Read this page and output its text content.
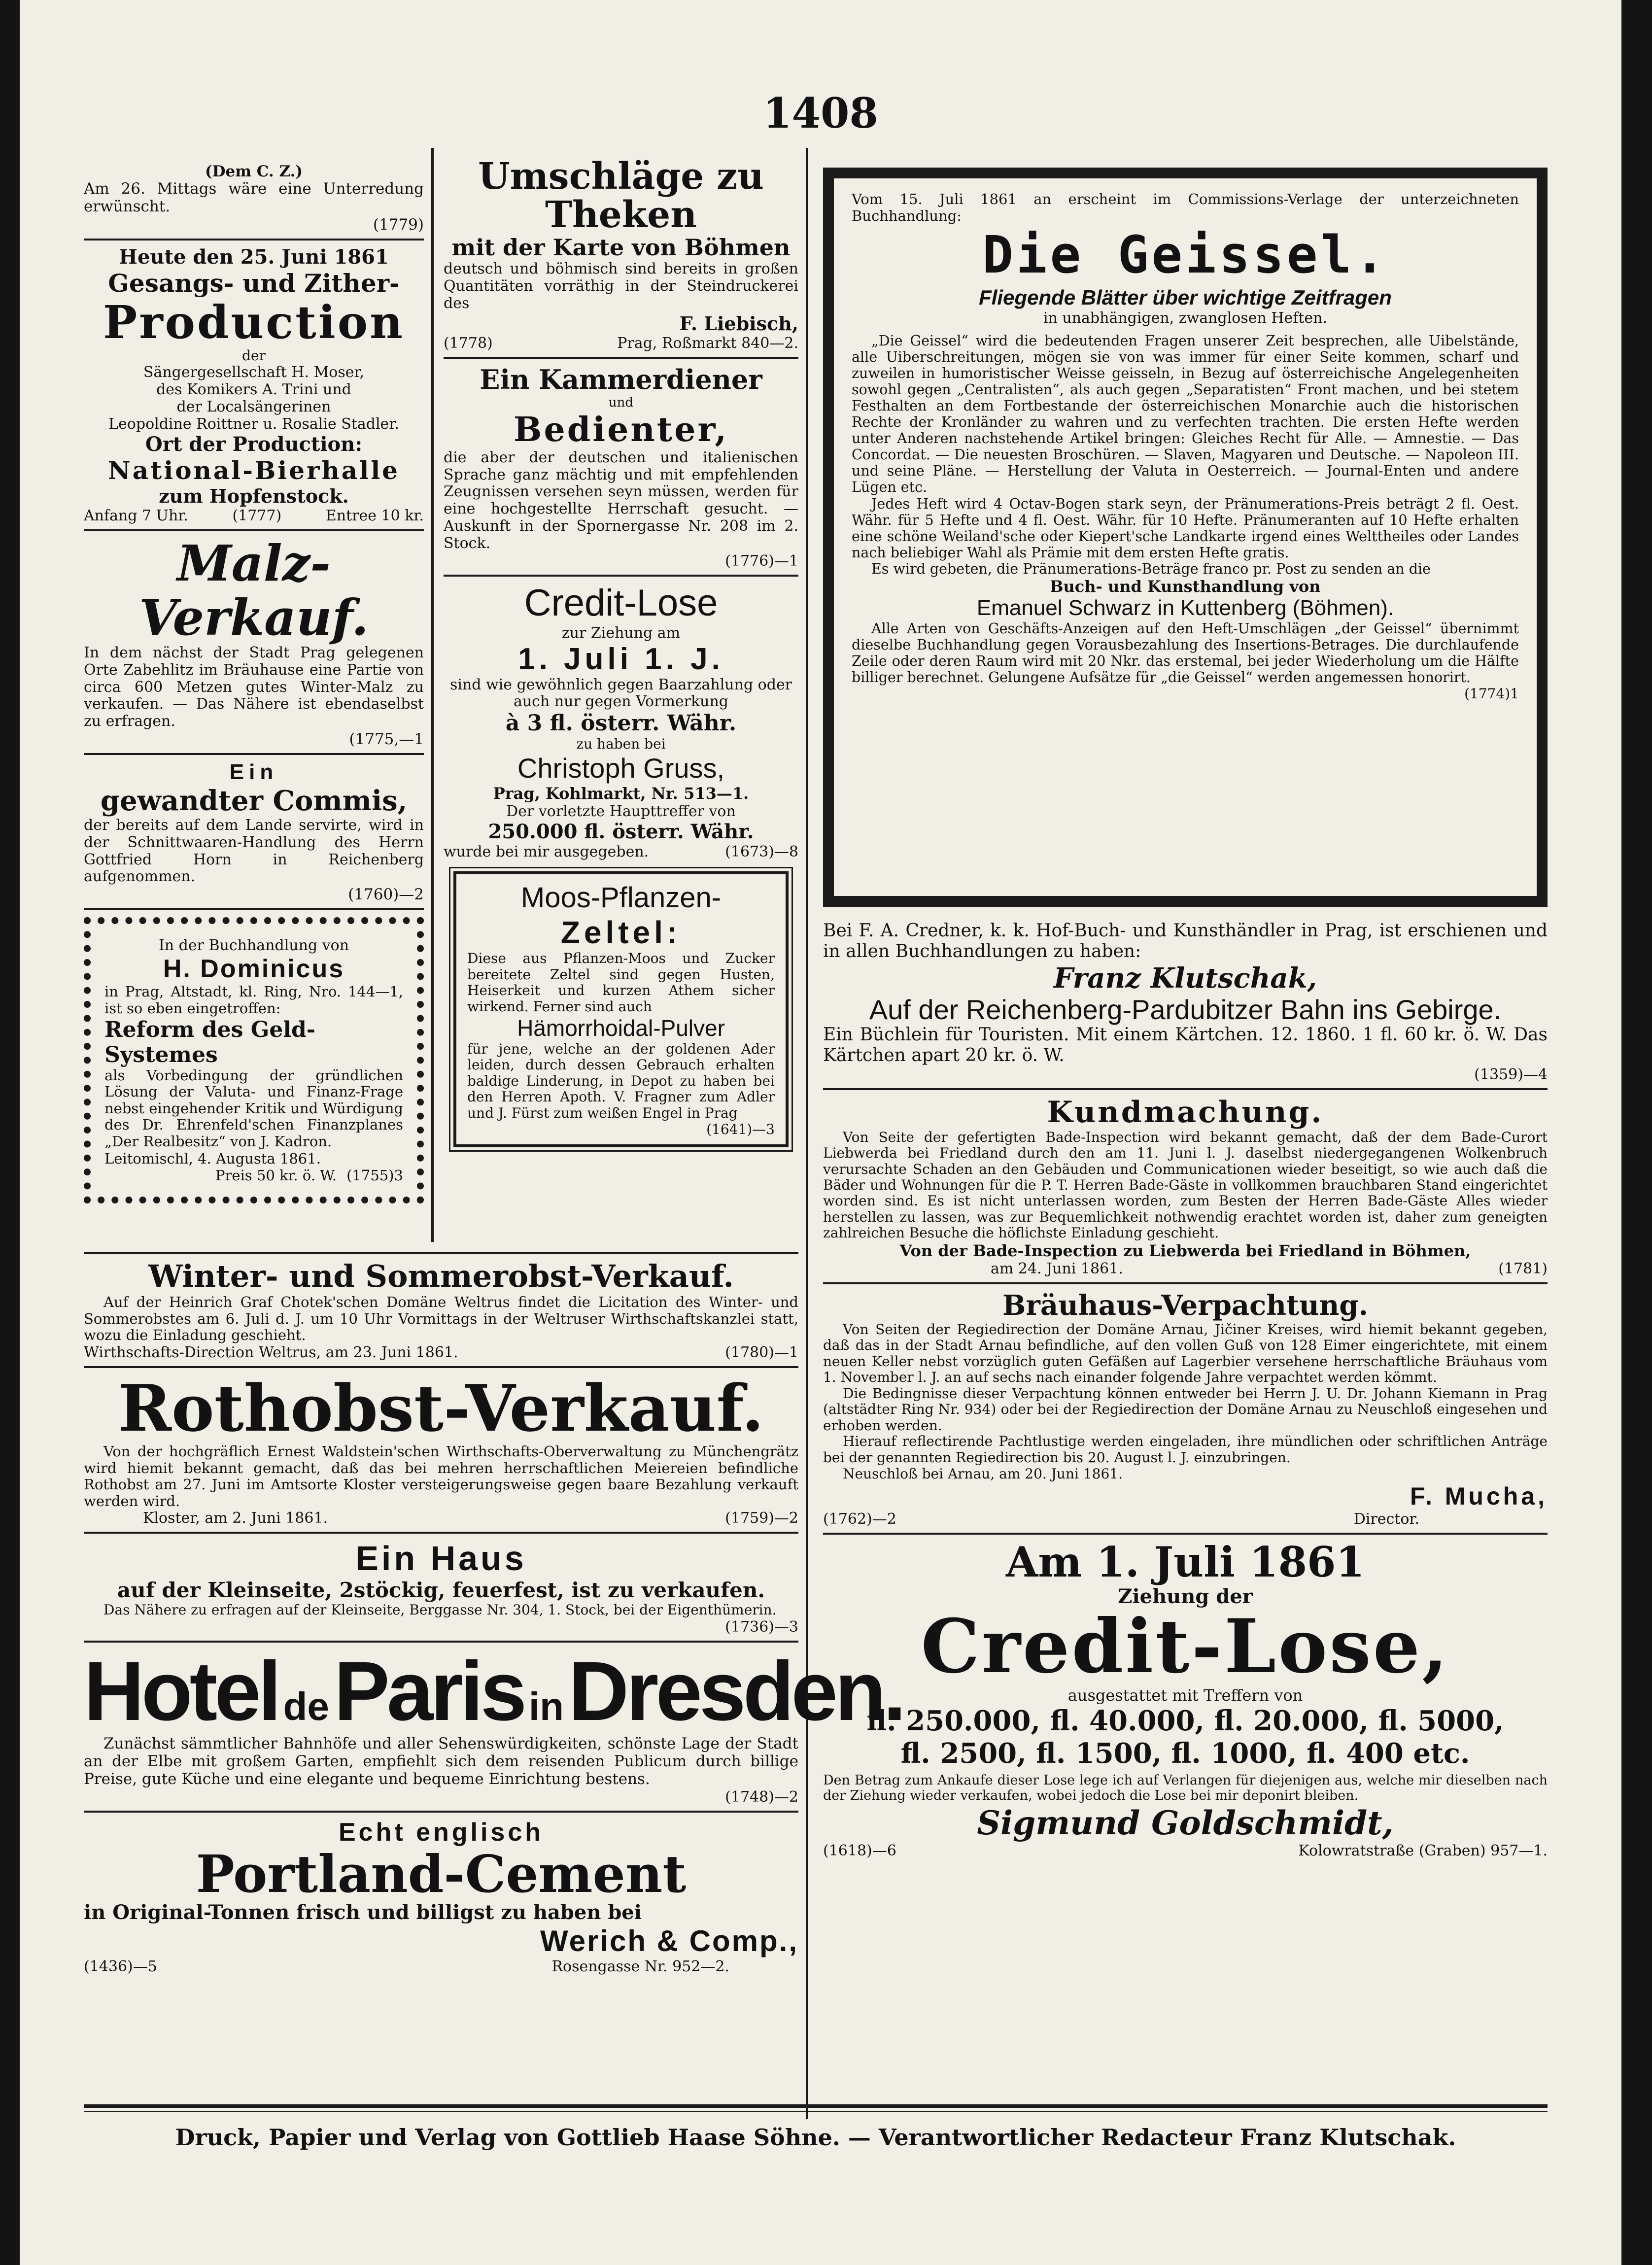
1408
(Dem C. Z.)

Am 26. Mittags wäre eine Unterredung erwünscht.

(1779)
Heute den 25. Juni 1861
Gesangs- und Zither-
Production
der
Sängergesellschaft H. Moser,
des Komikers A. Trini und
der Localsängerinen
Leopoldine Roittner u. Rosalie Stadler.
Ort der Production:
National-Bierhalle
zum Hopfenstock.
Anfang 7 Uhr.	(1777)	Entree 10 kr.
Malz-Verkauf.

In dem nächst der Stadt Prag gelegenen Orte Zabehlitz im Bräuhause eine Partie von circa 600 Metzen gutes Winter-Malz zu verkaufen. — Das Nähere ist ebendaselbst zu erfragen.

(1775,—1
Ein
gewandter Commis,

der bereits auf dem Lande servirte, wird in der Schnittwaaren-Handlung des Herrn Gottfried Horn in Reichenberg aufgenommen.

(1760)—2
In der Buchhandlung von
H. Dominicus

in Prag, Altstadt, kl. Ring, Nro. 144—1, ist so eben eingetroffen:

Reform des Geld-Systemes

als Vorbedingung der gründlichen Lösung der Valuta- und Finanz-Frage nebst eingehender Kritik und Würdigung des Dr. Ehrenfeld'schen Finanzplanes „Der Realbesitz“ von J. Kadron.

Leitomischl, 4. Augusta 1861.
Preis 50 kr. ö. W. (1755)3
Umschläge zu Theken
mit der Karte von Böhmen

deutsch und böhmisch sind bereits in großen Quantitäten vorräthig in der Steindruckerei des

F. Liebisch,
(1778)	Prag, Roßmarkt 840—2.
Ein Kammerdiener
und
Bedienter,

die aber der deutschen und italienischen Sprache ganz mächtig und mit empfehlenden Zeugnissen versehen seyn müssen, werden für eine hochgestellte Herrschaft gesucht. — Auskunft in der Spornergasse Nr. 208 im 2. Stock.

(1776)—1
Credit-Lose
zur Ziehung am
1. Juli 1. J.

sind wie gewöhnlich gegen Baarzahlung oder auch nur gegen Vormerkung

à 3 fl. österr. Währ.
zu haben bei
Christoph Gruss,
Prag, Kohlmarkt, Nr. 513—1.
Der vorletzte Haupttreffer von
250.000 fl. österr. Währ.
wurde bei mir ausgegeben.	(1673)—8
Moos-Pflanzen-
Zeltel:

Diese aus Pflanzen-Moos und Zucker bereitete Zeltel sind gegen Husten, Heiserkeit und kurzen Athem sicher wirkend. Ferner sind auch

Hämorrhoidal-Pulver

für jene, welche an der goldenen Ader leiden, durch dessen Gebrauch erhalten baldige Linderung, in Depot zu haben bei den Herren Apoth. V. Fragner zum Adler und J. Fürst zum weißen Engel in Prag

(1641)—3

Vom 15. Juli 1861 an erscheint im Commissions-Verlage der unterzeichneten Buchhandlung:

Die Geissel.
Fliegende Blätter über wichtige Zeitfragen
in unabhängigen, zwanglosen Heften.

„Die Geissel“ wird die bedeutenden Fragen unserer Zeit besprechen, alle Uibelstände, alle Uiberschreitungen, mögen sie von was immer für einer Seite kommen, scharf und zuweilen in humoristischer Weisse geisseln, in Bezug auf österreichische Angelegenheiten sowohl gegen „Centralisten“, als auch gegen „Separatisten“ Front machen, und bei stetem Festhalten an dem Fortbestande der österreichischen Monarchie auch die historischen Rechte der Kronländer zu wahren und zu verfechten trachten. Die ersten Hefte werden unter Anderen nachstehende Artikel bringen: Gleiches Recht für Alle. — Amnestie. — Das Concordat. — Die neuesten Broschüren. — Slaven, Magyaren und Deutsche. — Napoleon III. und seine Pläne. — Herstellung der Valuta in Oesterreich. — Journal-Enten und andere Lügen etc.

Jedes Heft wird 4 Octav-Bogen stark seyn, der Pränumerations-Preis beträgt 2 fl. Oest. Währ. für 5 Hefte und 4 fl. Oest. Währ. für 10 Hefte. Pränumeranten auf 10 Hefte erhalten eine schöne Weiland'sche oder Kiepert'sche Landkarte irgend eines Welttheiles oder Landes nach beliebiger Wahl als Prämie mit dem ersten Hefte gratis.

Es wird gebeten, die Pränumerations-Beträge franco pr. Post zu senden an die

Buch- und Kunsthandlung von
Emanuel Schwarz in Kuttenberg (Böhmen).

Alle Arten von Geschäfts-Anzeigen auf den Heft-Umschlägen „der Geissel“ übernimmt dieselbe Buchhandlung gegen Vorausbezahlung des Insertions-Betrages. Die durchlaufende Zeile oder deren Raum wird mit 20 Nkr. das erstemal, bei jeder Wiederholung um die Hälfte billiger berechnet. Gelungene Aufsätze für „die Geissel“ werden angemessen honorirt.

(1774)1

Bei F. A. Credner, k. k. Hof-Buch- und Kunsthändler in Prag, ist erschienen und in allen Buchhandlungen zu haben:

Franz Klutschak,
Auf der Reichenberg-Pardubitzer Bahn ins Gebirge.

Ein Büchlein für Touristen. Mit einem Kärtchen. 12. 1860. 1 fl. 60 kr. ö. W. Das Kärtchen apart 20 kr. ö. W.

(1359)—4
Kundmachung.

Von Seite der gefertigten Bade-Inspection wird bekannt gemacht, daß der dem Bade-Curort Liebwerda bei Friedland durch den am 11. Juni l. J. daselbst niedergegangenen Wolkenbruch verursachte Schaden an den Gebäuden und Communicationen wieder beseitigt, so wie auch daß die Bäder und Wohnungen für die P. T. Herren Bade-Gäste in vollkommen brauchbaren Stand eingerichtet worden sind. Es ist nicht unterlassen worden, zum Besten der Herren Bade-Gäste Alles wieder herstellen zu lassen, was zur Bequemlichkeit nothwendig erachtet worden ist, daher zum geneigten zahlreichen Besuche die höflichste Einladung geschieht.

Von der Bade-Inspection zu Liebwerda bei Friedland in Böhmen,
am 24. Juni 1861.	(1781)
Bräuhaus-Verpachtung.

Von Seiten der Regiedirection der Domäne Arnau, Jičiner Kreises, wird hiemit bekannt gegeben, daß das in der Stadt Arnau befindliche, auf den vollen Guß von 128 Eimer eingerichtete, mit einem neuen Keller nebst vorzüglich guten Gefäßen auf Lagerbier versehene herrschaftliche Bräuhaus vom 1. November l. J. an auf sechs nach einander folgende Jahre verpachtet werden kömmt.

Die Bedingnisse dieser Verpachtung können entweder bei Herrn J. U. Dr. Johann Kiemann in Prag (altstädter Ring Nr. 934) oder bei der Regiedirection der Domäne Arnau zu Neuschloß eingesehen und erhoben werden.

Hierauf reflectirende Pachtlustige werden eingeladen, ihre mündlichen oder schriftlichen Anträge bei der genannten Regiedirection bis 20. August l. J. einzubringen.

Neuschloß bei Arnau, am 20. Juni 1861.
F. Mucha,
(1762)—2	Director.
Am 1. Juli 1861
Ziehung der
Credit-Lose,
ausgestattet mit Treffern von
fl. 250.000, fl. 40.000, fl. 20.000, fl. 5000,
fl. 2500, fl. 1500, fl. 1000, fl. 400 etc.

Den Betrag zum Ankaufe dieser Lose lege ich auf Verlangen für diejenigen aus, welche mir dieselben nach der Ziehung wieder verkaufen, wobei jedoch die Lose bei mir deponirt bleiben.

Sigmund Goldschmidt,
(1618)—6	Kolowratstraße (Graben) 957—1.
Winter- und Sommerobst-Verkauf.

Auf der Heinrich Graf Chotek'schen Domäne Weltrus findet die Licitation des Winter- und Sommerobstes am 6. Juli d. J. um 10 Uhr Vormittags in der Weltruser Wirthschaftskanzlei statt, wozu die Einladung geschieht.

Wirthschafts-Direction Weltrus, am 23. Juni 1861.	(1780)—1
Rothobst-Verkauf.

Von der hochgräflich Ernest Waldstein'schen Wirthschafts-Oberverwaltung zu Münchengrätz wird hiemit bekannt gemacht, daß das bei mehren herrschaftlichen Meiereien befindliche Rothobst am 27. Juni im Amtsorte Kloster versteigerungsweise gegen baare Bezahlung verkauft werden wird.

Kloster, am 2. Juni 1861.	(1759)—2
Ein Haus
auf der Kleinseite, 2stöckig, feuerfest, ist zu verkaufen.

Das Nähere zu erfragen auf der Kleinseite, Berggasse Nr. 304, 1. Stock, bei der Eigenthümerin.

(1736)—3
Hotel de Paris in Dresden.

Zunächst sämmtlicher Bahnhöfe und aller Sehenswürdigkeiten, schönste Lage der Stadt an der Elbe mit großem Garten, empfiehlt sich dem reisenden Publicum durch billige Preise, gute Küche und eine elegante und bequeme Einrichtung bestens.

(1748)—2
Echt englisch
Portland-Cement
in Original-Tonnen frisch und billigst zu haben bei
Werich & Comp.,
(1436)—5	Rosengasse Nr. 952—2.
Druck, Papier und Verlag von Gottlieb Haase Söhne. — Verantwortlicher Redacteur Franz Klutschak.
